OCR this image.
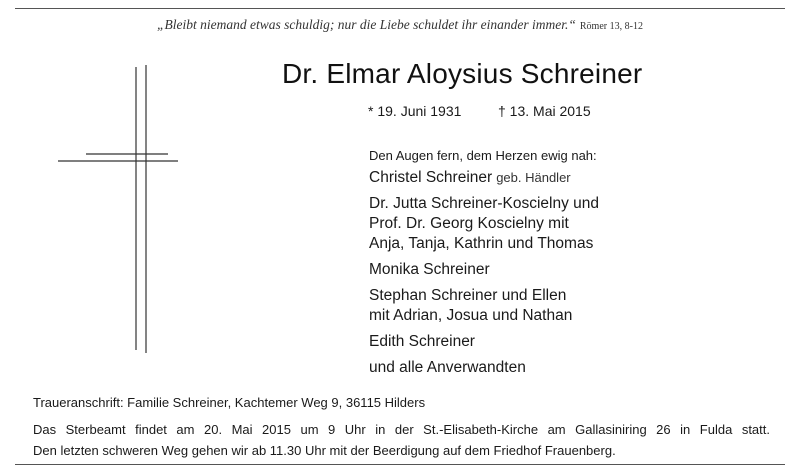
„Bleibt niemand etwas schuldig; nur die Liebe schuldet ihr einander immer.“ Römer 13, 8-12
Dr. Elmar Aloysius Schreiner
* 19. Juni 1931	† 13. Mai 2015
Den Augen fern, dem Herzen ewig nah:
Christel Schreiner geb. Händler
Dr. Jutta Schreiner-Koscielny und
Prof. Dr. Georg Koscielny mit
Anja, Tanja, Kathrin und Thomas
Monika Schreiner
Stephan Schreiner und Ellen
mit Adrian, Josua und Nathan
Edith Schreiner
und alle Anverwandten
Traueranschrift: Familie Schreiner, Kachtemer Weg 9, 36115 Hilders
Das Sterbeamt findet am 20. Mai 2015 um 9 Uhr in der St.-Elisabeth-Kirche am Gallasiniring 26 in Fulda statt.
Den letzten schweren Weg gehen wir ab 11.30 Uhr mit der Beerdigung auf dem Friedhof Frauenberg.
